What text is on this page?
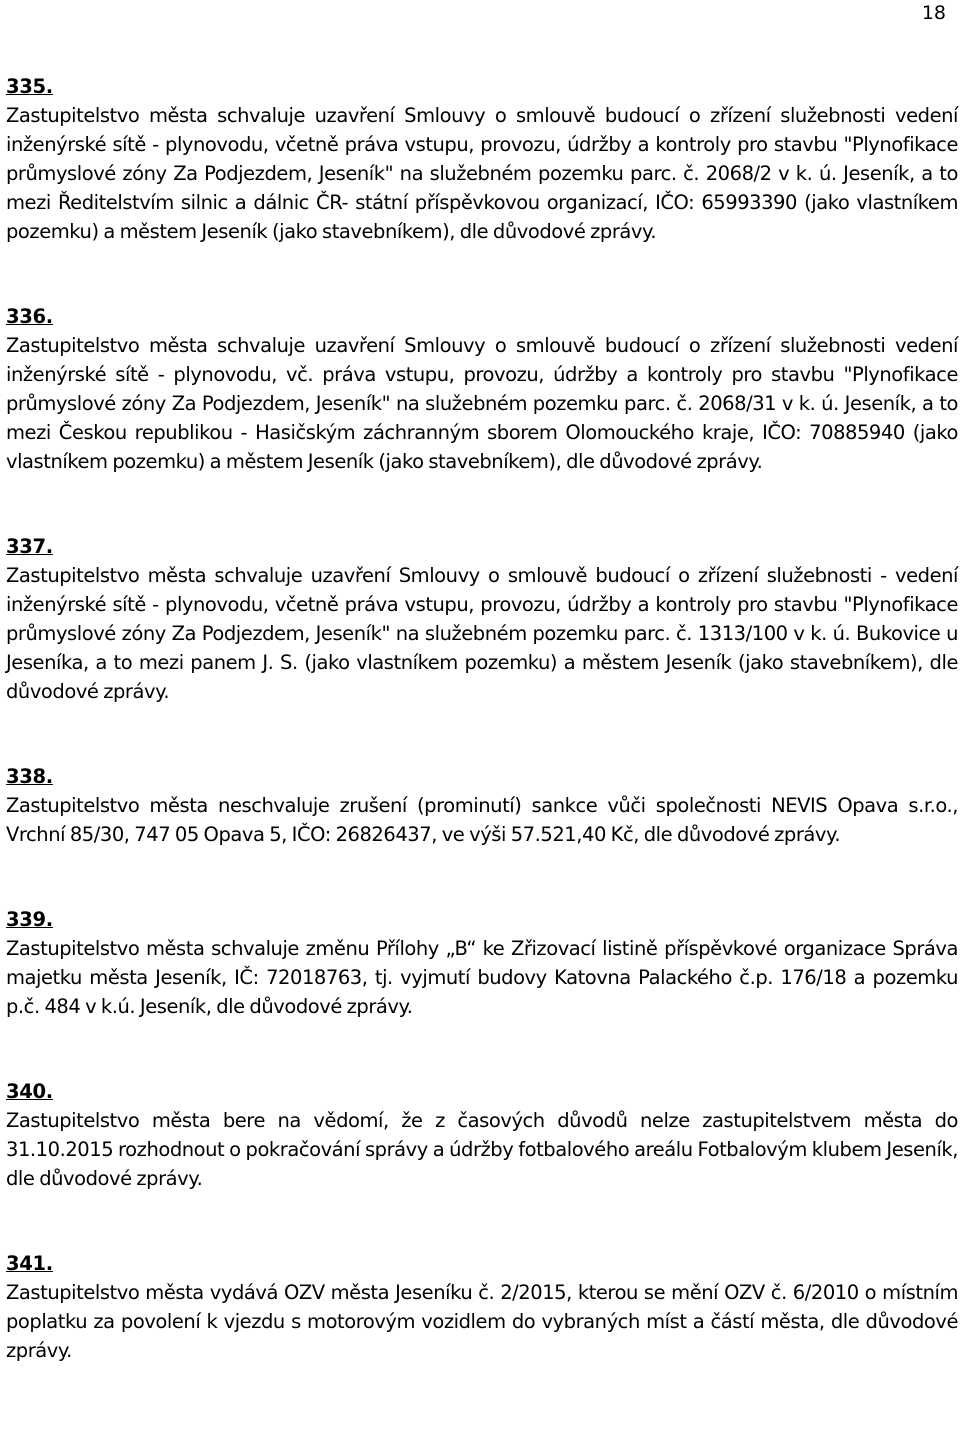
18
335.
Zastupitelstvo města schvaluje uzavření Smlouvy o smlouvě budoucí o zřízení služebnosti vedení inženýrské sítě - plynovodu, včetně práva vstupu, provozu, údržby a kontroly pro stavbu "Plynofikace průmyslové zóny Za Podjezdem, Jeseník" na služebném pozemku parc. č. 2068/2 v k. ú. Jeseník, a to mezi Ředitelstvím silnic a dálnic ČR- státní příspěvkovou organizací, IČO: 65993390 (jako vlastníkem pozemku) a městem Jeseník (jako stavebníkem), dle důvodové zprávy.
336.
Zastupitelstvo města schvaluje uzavření Smlouvy o smlouvě budoucí o zřízení služebnosti vedení inženýrské sítě - plynovodu, vč. práva vstupu, provozu, údržby a kontroly pro stavbu "Plynofikace průmyslové zóny Za Podjezdem, Jeseník" na služebném pozemku parc. č. 2068/31 v k. ú. Jeseník, a to mezi Českou republikou - Hasičským záchranným sborem Olomouckého kraje, IČO: 70885940 (jako vlastníkem pozemku) a městem Jeseník (jako stavebníkem), dle důvodové zprávy.
337.
Zastupitelstvo města schvaluje uzavření Smlouvy o smlouvě budoucí o zřízení služebnosti - vedení inženýrské sítě - plynovodu, včetně práva vstupu, provozu, údržby a kontroly pro stavbu "Plynofikace průmyslové zóny Za Podjezdem, Jeseník" na služebném pozemku parc. č. 1313/100 v k. ú. Bukovice u Jeseníka, a to mezi panem J. S. (jako vlastníkem pozemku) a městem Jeseník (jako stavebníkem), dle důvodové zprávy.
338.
Zastupitelstvo města neschvaluje zrušení (prominutí) sankce vůči společnosti NEVIS Opava s.r.o., Vrchní 85/30, 747 05 Opava 5, IČO: 26826437, ve výši 57.521,40 Kč, dle důvodové zprávy.
339.
Zastupitelstvo města schvaluje změnu Přílohy „B“ ke Zřizovací listině příspěvkové organizace Správa majetku města Jeseník, IČ: 72018763, tj. vyjmutí budovy Katovna Palackého č.p. 176/18 a pozemku p.č. 484 v k.ú. Jeseník, dle důvodové zprávy.
340.
Zastupitelstvo města bere na vědomí, že z časových důvodů nelze zastupitelstvem města do 31.10.2015 rozhodnout o pokračování správy a údržby fotbalového areálu Fotbalovým klubem Jeseník, dle důvodové zprávy.
341.
Zastupitelstvo města vydává OZV města Jeseníku č. 2/2015, kterou se mění OZV č. 6/2010 o místním poplatku za povolení k vjezdu s motorovým vozidlem do vybraných míst a částí města, dle důvodové zprávy.
